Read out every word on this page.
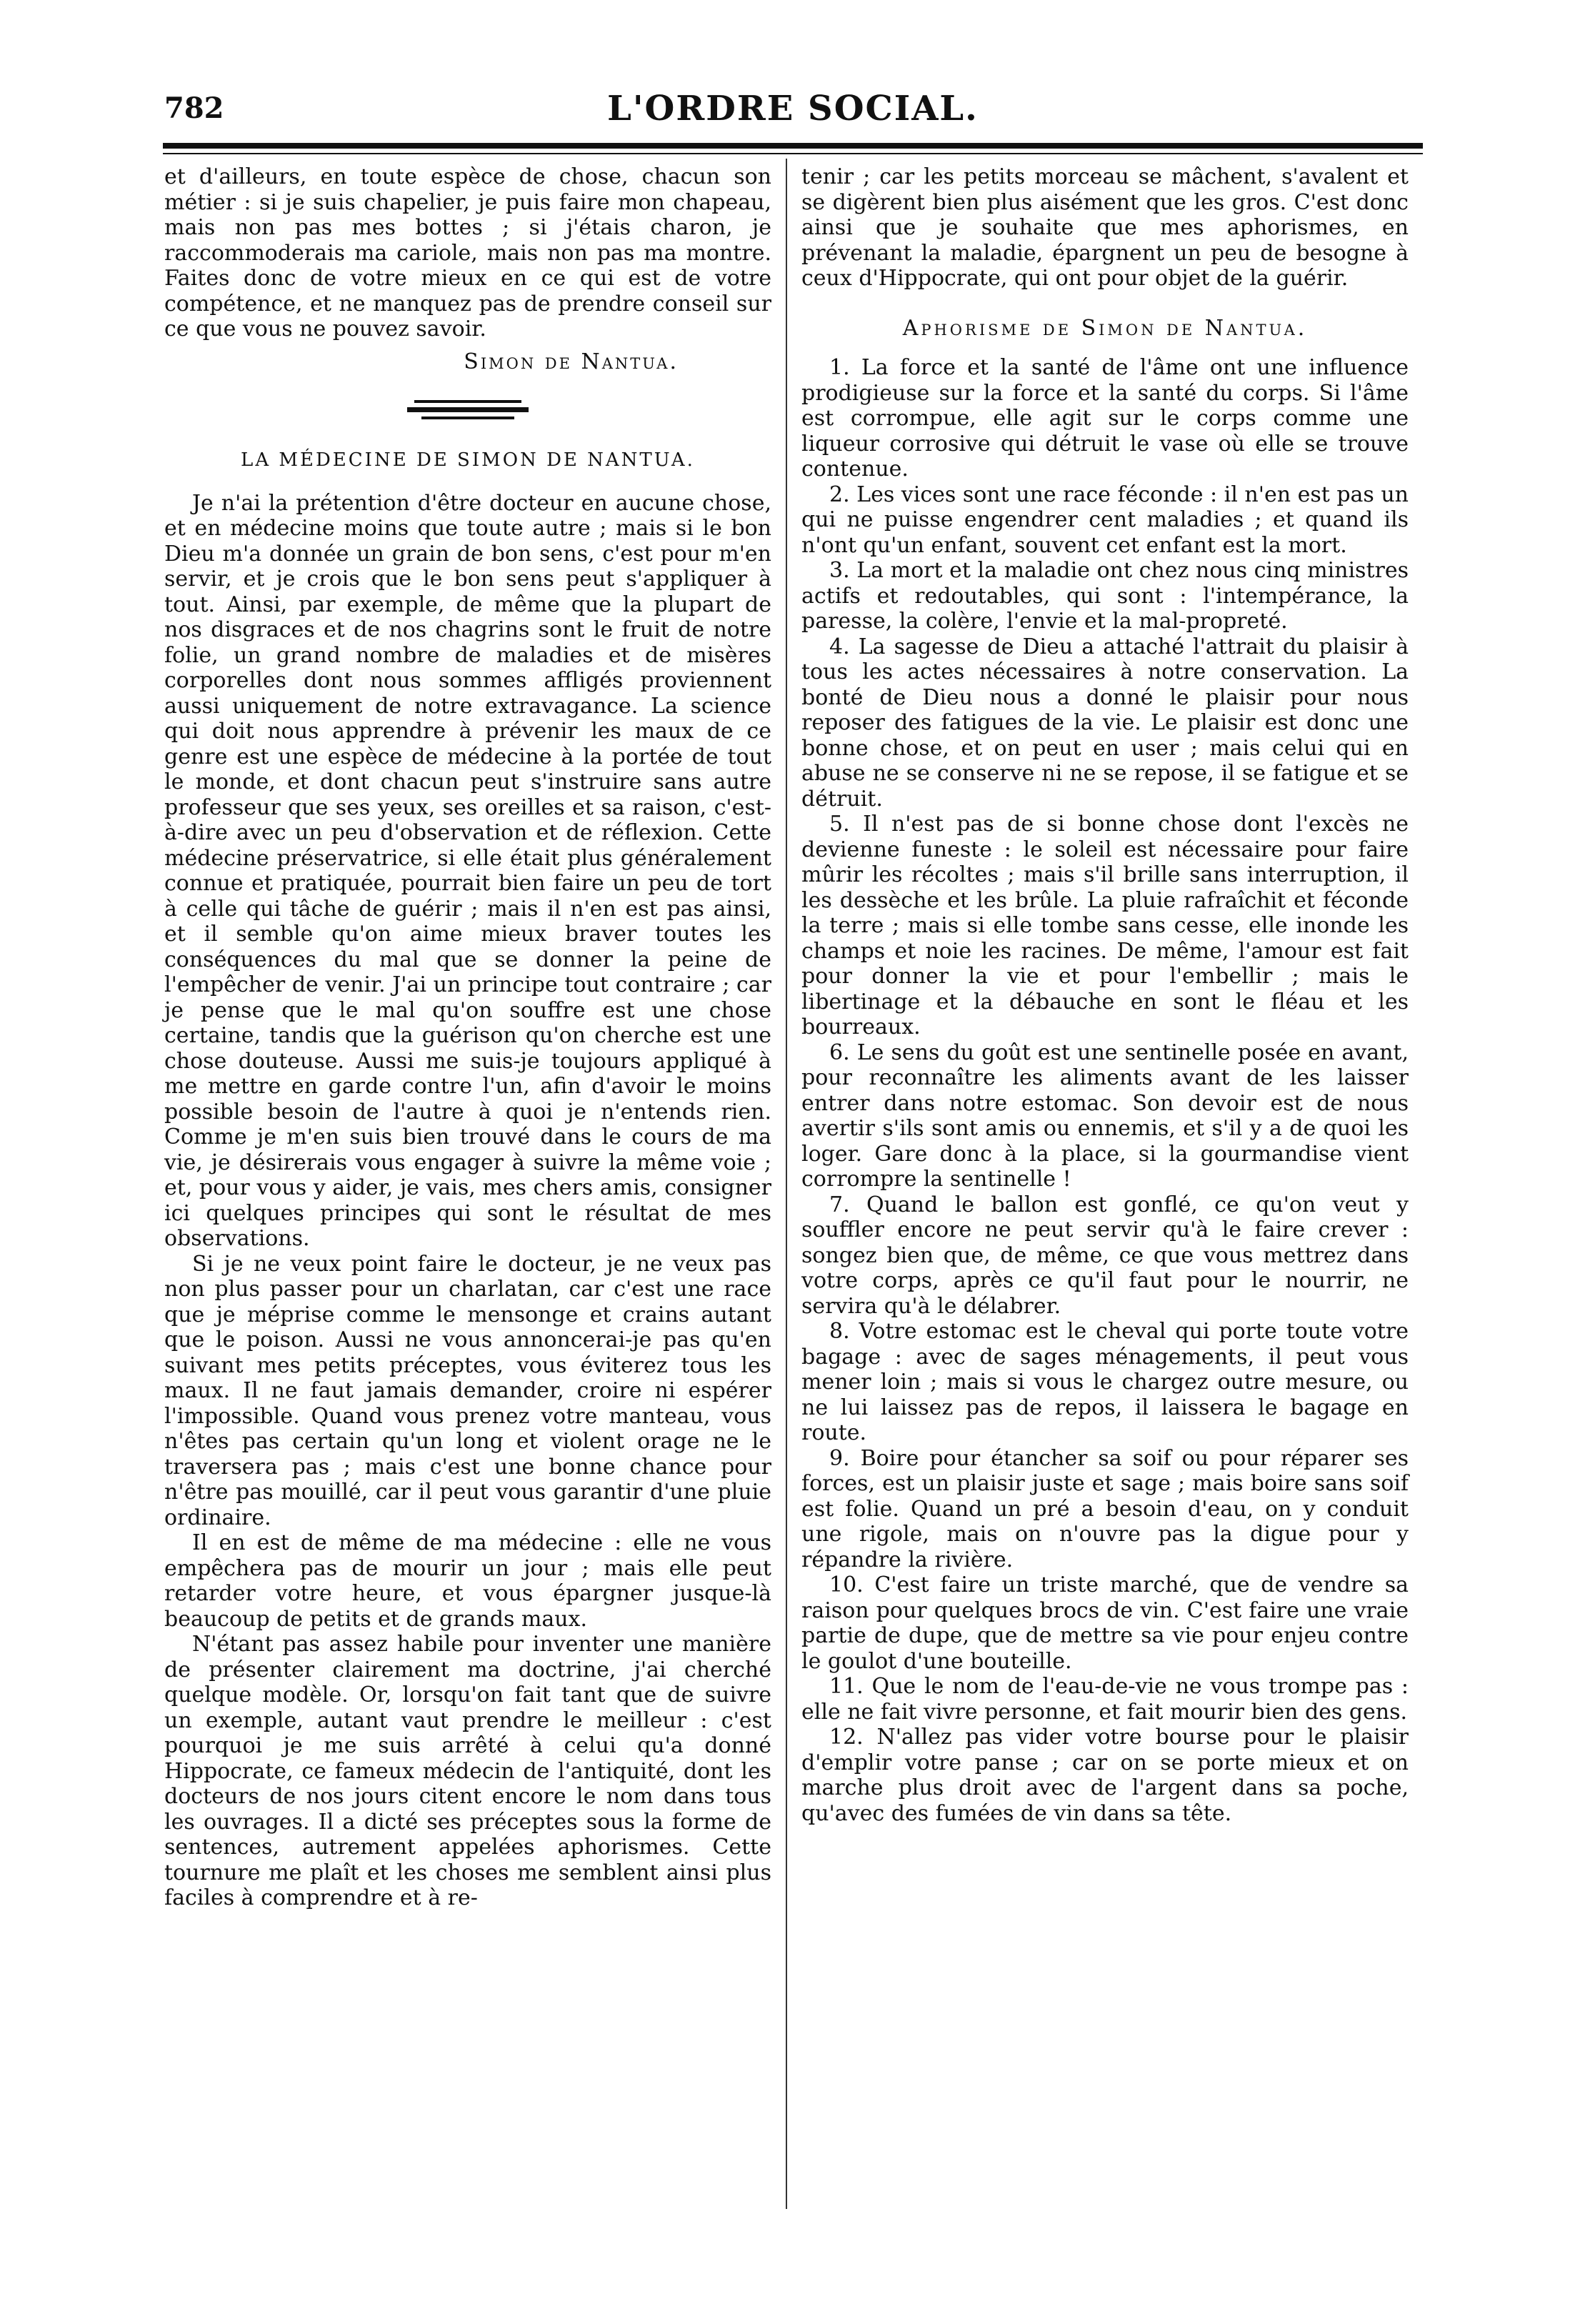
782	L'ORDRE SOCIAL.

et d'ailleurs, en toute espèce de chose, chacun son métier : si je suis chapelier, je puis faire mon chapeau, mais non pas mes bottes ; si j'étais charon, je raccommoderais ma cariole, mais non pas ma montre. Faites donc de votre mieux en ce qui est de votre compétence, et ne manquez pas de prendre conseil sur ce que vous ne pouvez savoir.

Simon de Nantua.
LA MÉDECINE DE SIMON DE NANTUA.

Je n'ai la prétention d'être docteur en aucune chose, et en médecine moins que toute autre ; mais si le bon Dieu m'a donnée un grain de bon sens, c'est pour m'en servir, et je crois que le bon sens peut s'appliquer à tout. Ainsi, par exemple, de même que la plupart de nos disgraces et de nos chagrins sont le fruit de notre folie, un grand nombre de maladies et de misères corporelles dont nous sommes affligés proviennent aussi uniquement de notre extravagance. La science qui doit nous apprendre à prévenir les maux de ce genre est une espèce de médecine à la portée de tout le monde, et dont chacun peut s'instruire sans autre professeur que ses yeux, ses oreilles et sa raison, c'est-à-dire avec un peu d'observation et de réflexion. Cette médecine préservatrice, si elle était plus généralement connue et pratiquée, pourrait bien faire un peu de tort à celle qui tâche de guérir ; mais il n'en est pas ainsi, et il semble qu'on aime mieux braver toutes les conséquences du mal que se donner la peine de l'empêcher de venir. J'ai un principe tout contraire ; car je pense que le mal qu'on souffre est une chose certaine, tandis que la guérison qu'on cherche est une chose douteuse. Aussi me suis-je toujours appliqué à me mettre en garde contre l'un, afin d'avoir le moins possible besoin de l'autre à quoi je n'entends rien. Comme je m'en suis bien trouvé dans le cours de ma vie, je désirerais vous engager à suivre la même voie ; et, pour vous y aider, je vais, mes chers amis, consigner ici quelques principes qui sont le résultat de mes observations.

Si je ne veux point faire le docteur, je ne veux pas non plus passer pour un charlatan, car c'est une race que je méprise comme le mensonge et crains autant que le poison. Aussi ne vous annoncerai-je pas qu'en suivant mes petits préceptes, vous éviterez tous les maux. Il ne faut jamais demander, croire ni espérer l'impossible. Quand vous prenez votre manteau, vous n'êtes pas certain qu'un long et violent orage ne le traversera pas ; mais c'est une bonne chance pour n'être pas mouillé, car il peut vous garantir d'une pluie ordinaire.

Il en est de même de ma médecine : elle ne vous empêchera pas de mourir un jour ; mais elle peut retarder votre heure, et vous épargner jusque-là beaucoup de petits et de grands maux.

N'étant pas assez habile pour inventer une manière de présenter clairement ma doctrine, j'ai cherché quelque modèle. Or, lorsqu'on fait tant que de suivre un exemple, autant vaut prendre le meilleur : c'est pourquoi je me suis arrêté à celui qu'a donné Hippocrate, ce fameux médecin de l'antiquité, dont les docteurs de nos jours citent encore le nom dans tous les ouvrages. Il a dicté ses préceptes sous la forme de sentences, autrement appelées aphorismes. Cette tournure me plaît et les choses me semblent ainsi plus faciles à comprendre et à re-

tenir ; car les petits morceau se mâchent, s'avalent et se digèrent bien plus aisément que les gros. C'est donc ainsi que je souhaite que mes aphorismes, en prévenant la maladie, épargnent un peu de besogne à ceux d'Hippocrate, qui ont pour objet de la guérir.

Aphorisme de Simon de Nantua.

1. La force et la santé de l'âme ont une influence prodigieuse sur la force et la santé du corps. Si l'âme est corrompue, elle agit sur le corps comme une liqueur corrosive qui détruit le vase où elle se trouve contenue.

2. Les vices sont une race féconde : il n'en est pas un qui ne puisse engendrer cent maladies ; et quand ils n'ont qu'un enfant, souvent cet enfant est la mort.

3. La mort et la maladie ont chez nous cinq ministres actifs et redoutables, qui sont : l'intempérance, la paresse, la colère, l'envie et la mal-propreté.

4. La sagesse de Dieu a attaché l'attrait du plaisir à tous les actes nécessaires à notre conservation. La bonté de Dieu nous a donné le plaisir pour nous reposer des fatigues de la vie. Le plaisir est donc une bonne chose, et on peut en user ; mais celui qui en abuse ne se conserve ni ne se repose, il se fatigue et se détruit.

5. Il n'est pas de si bonne chose dont l'excès ne devienne funeste : le soleil est nécessaire pour faire mûrir les récoltes ; mais s'il brille sans interruption, il les dessèche et les brûle. La pluie rafraîchit et féconde la terre ; mais si elle tombe sans cesse, elle inonde les champs et noie les racines. De même, l'amour est fait pour donner la vie et pour l'embellir ; mais le libertinage et la débauche en sont le fléau et les bourreaux.

6. Le sens du goût est une sentinelle posée en avant, pour reconnaître les aliments avant de les laisser entrer dans notre estomac. Son devoir est de nous avertir s'ils sont amis ou ennemis, et s'il y a de quoi les loger. Gare donc à la place, si la gourmandise vient corrompre la sentinelle !

7. Quand le ballon est gonflé, ce qu'on veut y souffler encore ne peut servir qu'à le faire crever : songez bien que, de même, ce que vous mettrez dans votre corps, après ce qu'il faut pour le nourrir, ne servira qu'à le délabrer.

8. Votre estomac est le cheval qui porte toute votre bagage : avec de sages ménagements, il peut vous mener loin ; mais si vous le chargez outre mesure, ou ne lui laissez pas de repos, il laissera le bagage en route.

9. Boire pour étancher sa soif ou pour réparer ses forces, est un plaisir juste et sage ; mais boire sans soif est folie. Quand un pré a besoin d'eau, on y conduit une rigole, mais on n'ouvre pas la digue pour y répandre la rivière.

10. C'est faire un triste marché, que de vendre sa raison pour quelques brocs de vin. C'est faire une vraie partie de dupe, que de mettre sa vie pour enjeu contre le goulot d'une bouteille.

11. Que le nom de l'eau-de-vie ne vous trompe pas : elle ne fait vivre personne, et fait mourir bien des gens.

12. N'allez pas vider votre bourse pour le plaisir d'emplir votre panse ; car on se porte mieux et on marche plus droit avec de l'argent dans sa poche, qu'avec des fumées de vin dans sa tête.
